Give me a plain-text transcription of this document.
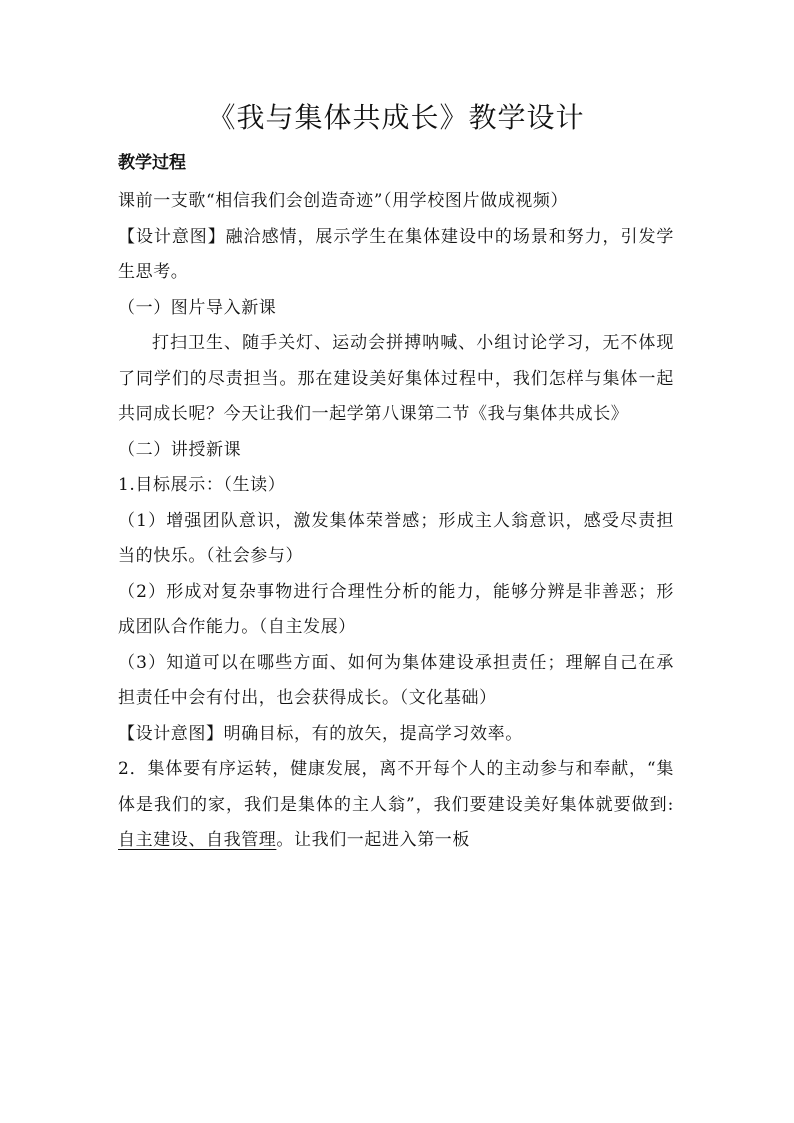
《我与集体共成长》教学设计
教学过程

课前一支歌“相信我们会创造奇迹”（用学校图片做成视频）

【设计意图】融洽感情，展示学生在集体建设中的场景和努力，引发学生思考。

（一）图片导入新课

打扫卫生、随手关灯、运动会拼搏呐喊、小组讨论学习，无不体现了同学们的尽责担当。那在建设美好集体过程中，我们怎样与集体一起共同成长呢？今天让我们一起学第八课第二节《我与集体共成长》

（二）讲授新课

1.目标展示：（生读）

（1）增强团队意识，激发集体荣誉感；形成主人翁意识，感受尽责担当的快乐。（社会参与）

（2）形成对复杂事物进行合理性分析的能力，能够分辨是非善恶；形成团队合作能力。（自主发展）

（3）知道可以在哪些方面、如何为集体建设承担责任；理解自己在承担责任中会有付出，也会获得成长。（文化基础）

【设计意图】明确目标，有的放矢，提高学习效率。

2．集体要有序运转，健康发展，离不开每个人的主动参与和奉献，“集体是我们的家，我们是集体的主人翁”，我们要建设美好集体就要做到: 自主建设、自我管理。让我们一起进入第一板
